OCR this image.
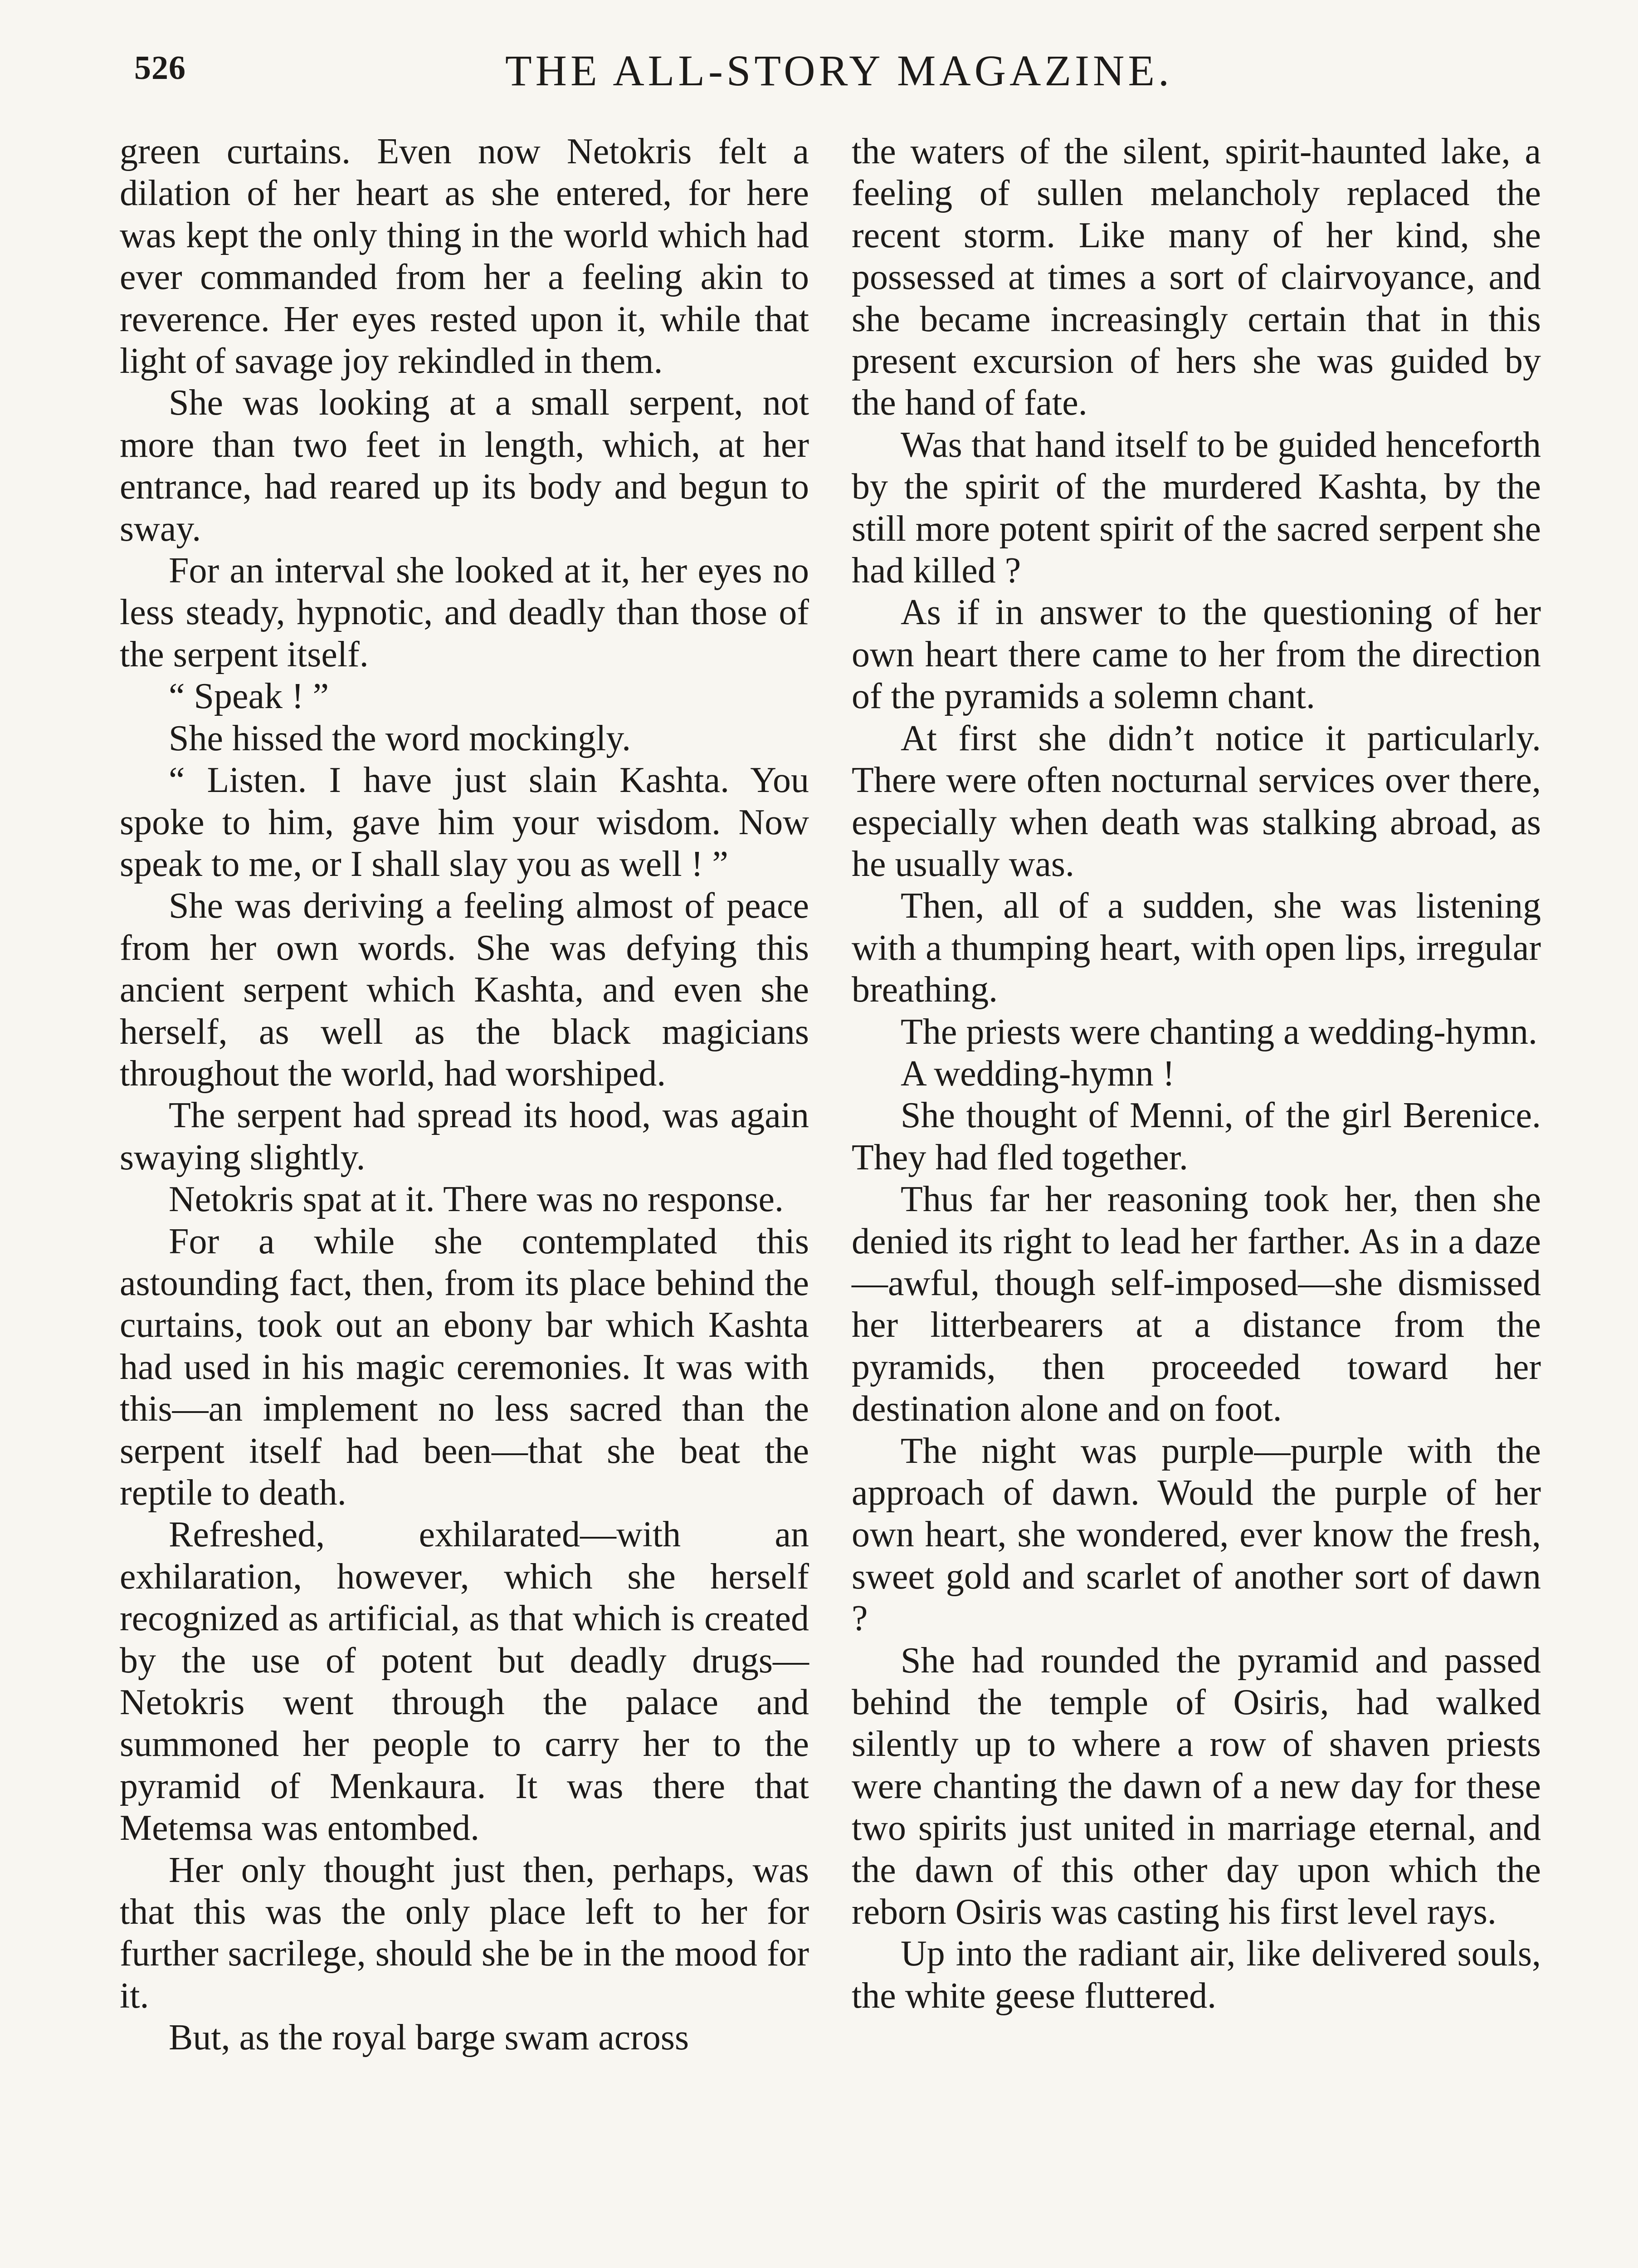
526	THE ALL-STORY MAGAZINE.

green curtains. Even now Netokris felt a dilation of her heart as she entered, for here was kept the only thing in the world which had ever commanded from her a feeling akin to reverence. Her eyes rested upon it, while that light of savage joy rekindled in them.

She was looking at a small serpent, not more than two feet in length, which, at her entrance, had reared up its body and begun to sway.

For an interval she looked at it, her eyes no less steady, hypnotic, and deadly than those of the serpent itself.

“ Speak ! ”

She hissed the word mockingly.

“ Listen. I have just slain Kashta. You spoke to him, gave him your wisdom. Now speak to me, or I shall slay you as well ! ”

She was deriving a feeling almost of peace from her own words. She was defying this ancient serpent which Kashta, and even she herself, as well as the black magicians throughout the world, had worshiped.

The serpent had spread its hood, was again swaying slightly.

Netokris spat at it. There was no response.

For a while she contemplated this astounding fact, then, from its place behind the curtains, took out an ebony bar which Kashta had used in his magic ceremonies. It was with this—an implement no less sacred than the serpent itself had been—that she beat the reptile to death.

Refreshed, exhilarated—with an exhilaration, however, which she herself recognized as artificial, as that which is created by the use of potent but deadly drugs—Netokris went through the palace and summoned her people to carry her to the pyramid of Menkaura. It was there that Metemsa was entombed.

Her only thought just then, perhaps, was that this was the only place left to her for further sacrilege, should she be in the mood for it.

But, as the royal barge swam across

the waters of the silent, spirit-haunted lake, a feeling of sullen melancholy replaced the recent storm. Like many of her kind, she possessed at times a sort of clairvoyance, and she became increasingly certain that in this present excursion of hers she was guided by the hand of fate.

Was that hand itself to be guided henceforth by the spirit of the murdered Kashta, by the still more potent spirit of the sacred serpent she had killed ?

As if in answer to the questioning of her own heart there came to her from the direction of the pyramids a solemn chant.

At first she didn’t notice it particularly. There were often nocturnal services over there, especially when death was stalking abroad, as he usually was.

Then, all of a sudden, she was listening with a thumping heart, with open lips, irregular breathing.

The priests were chanting a wedding-hymn.

A wedding-hymn !

She thought of Menni, of the girl Berenice. They had fled together.

Thus far her reasoning took her, then she denied its right to lead her farther. As in a daze—awful, though self-imposed—she dismissed her litterbearers at a distance from the pyramids, then proceeded toward her destination alone and on foot.

The night was purple—purple with the approach of dawn. Would the purple of her own heart, she wondered, ever know the fresh, sweet gold and scarlet of another sort of dawn ?

She had rounded the pyramid and passed behind the temple of Osiris, had walked silently up to where a row of shaven priests were chanting the dawn of a new day for these two spirits just united in marriage eternal, and the dawn of this other day upon which the reborn Osiris was casting his first level rays.

Up into the radiant air, like delivered souls, the white geese fluttered.
